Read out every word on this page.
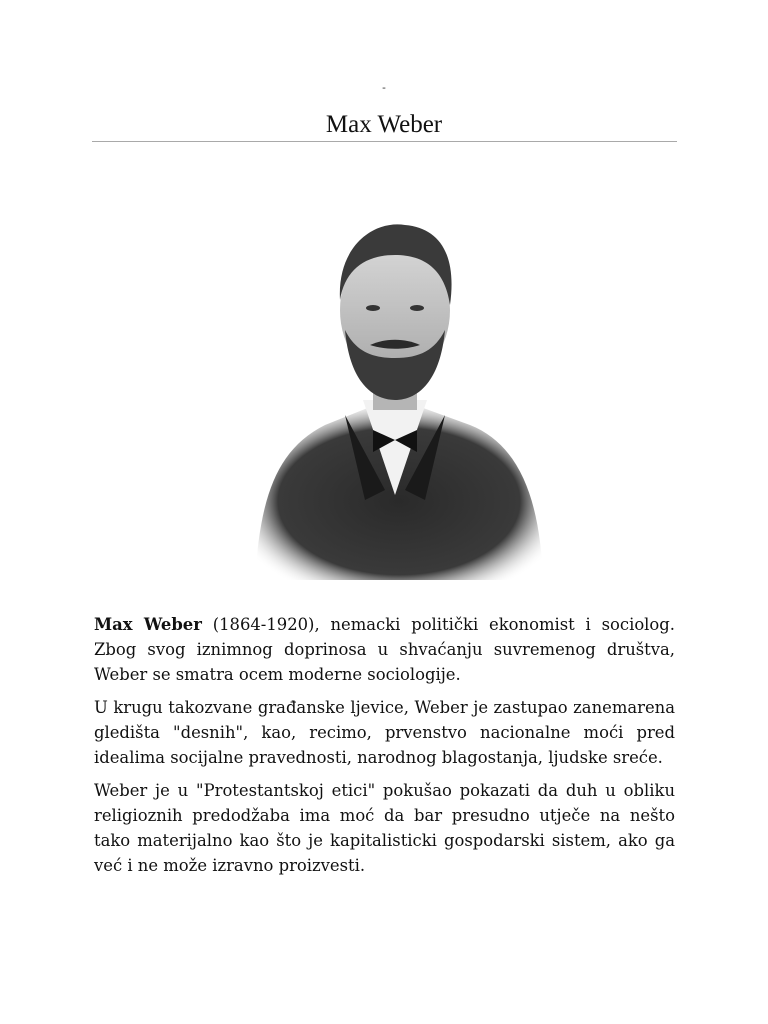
-
Max Weber

Max Weber (1864-1920), nemacki politički ekonomist i sociolog. Zbog svog iznimnog doprinosa u shvaćanju suvremenog društva, Weber se smatra ocem moderne sociologije.

U krugu takozvane građanske ljevice, Weber je zastupao zanemarena gledišta "desnih", kao, recimo, prvenstvo nacionalne moći pred idealima socijalne pravednosti, narodnog blagostanja, ljudske sreće.

Weber je u "Protestantskoj etici" pokušao pokazati da duh u obliku religioznih predodžaba ima moć da bar presudno utječe na nešto tako materijalno kao što je kapitalisticki gospodarski sistem, ako ga već i ne može izravno proizvesti.
